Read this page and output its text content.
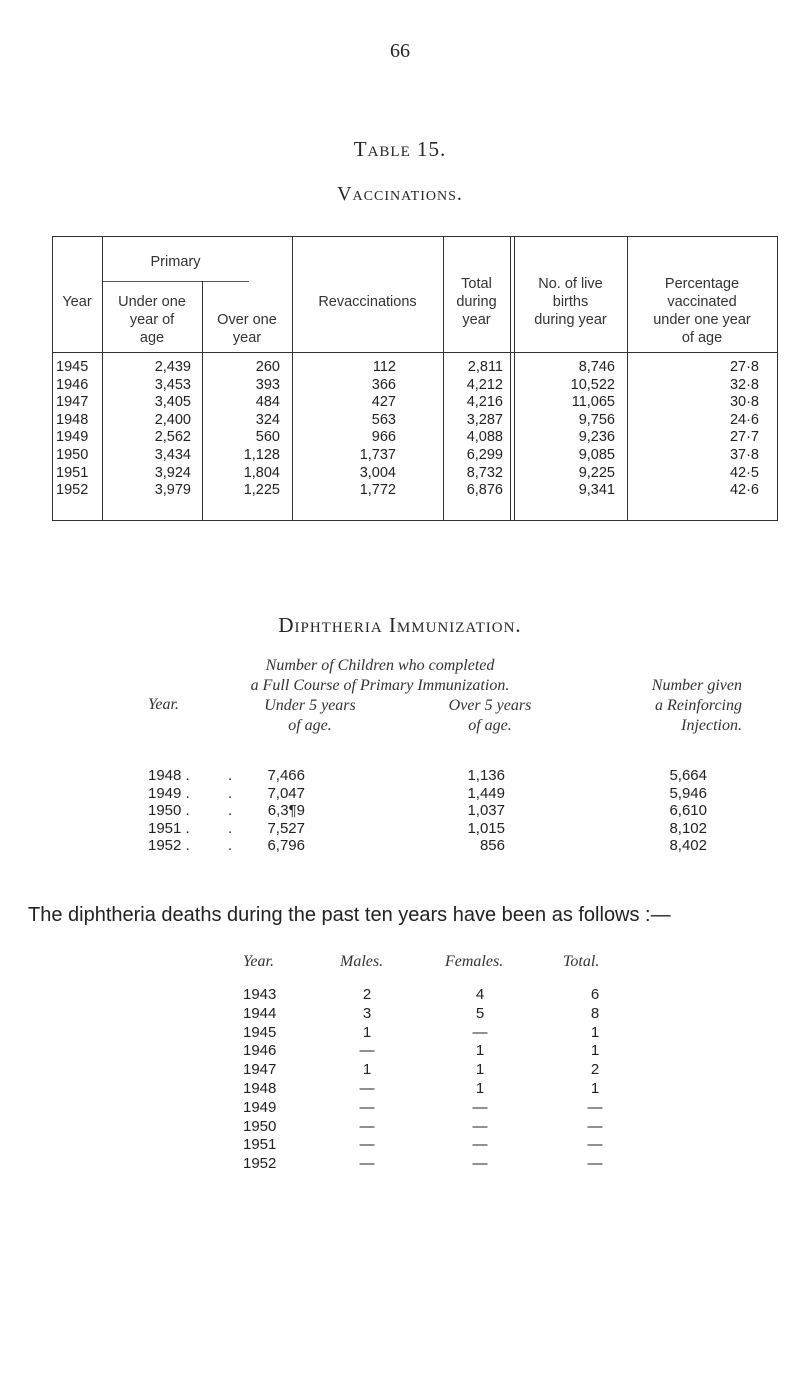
66
Table 15.
Vaccinations.
Year
Primary
Under one
year of
age
Over one
year
Revaccinations
Total
during
year
No. of live
births
during year
Percentage
vaccinated
under one year
of age
1945	2,439	260	112	2,811	8,746	27·8
1946	3,453	393	366	4,212	10,522	32·8
1947	3,405	484	427	4,216	11,065	30·8
1948	2,400	324	563	3,287	9,756	24·6
1949	2,562	560	966	4,088	9,236	27·7
1950	3,434	1,128	1,737	6,299	9,085	37·8
1951	3,924	1,804	3,004	8,732	9,225	42·5
1952	3,979	1,225	1,772	6,876	9,341	42·6
Diphtheria Immunization.
Number of Children who completed
a Full Course of Primary Immunization.
Year.	Under 5 years
of age.
Over 5 years
of age.
Number given
a Reinforcing
Injection.
1948 .	.	7,466	1,136	5,664
1949 .	.	7,047	1,449	5,946
1950 .	.	6,3¶9	1,037	6,610
1951 .	.	7,527	1,015	8,102
1952 .	.	6,796	856	8,402
The diphtheria deaths during the past ten years have been as follows :—
Year.	Males.	Females.	Total.
1943	2	4	6
1944	3	5	8
1945	1	—	1
1946	—	1	1
1947	1	1	2
1948	—	1	1
1949	—	—	—
1950	—	—	—
1951	—	—	—
1952	—	—	—
